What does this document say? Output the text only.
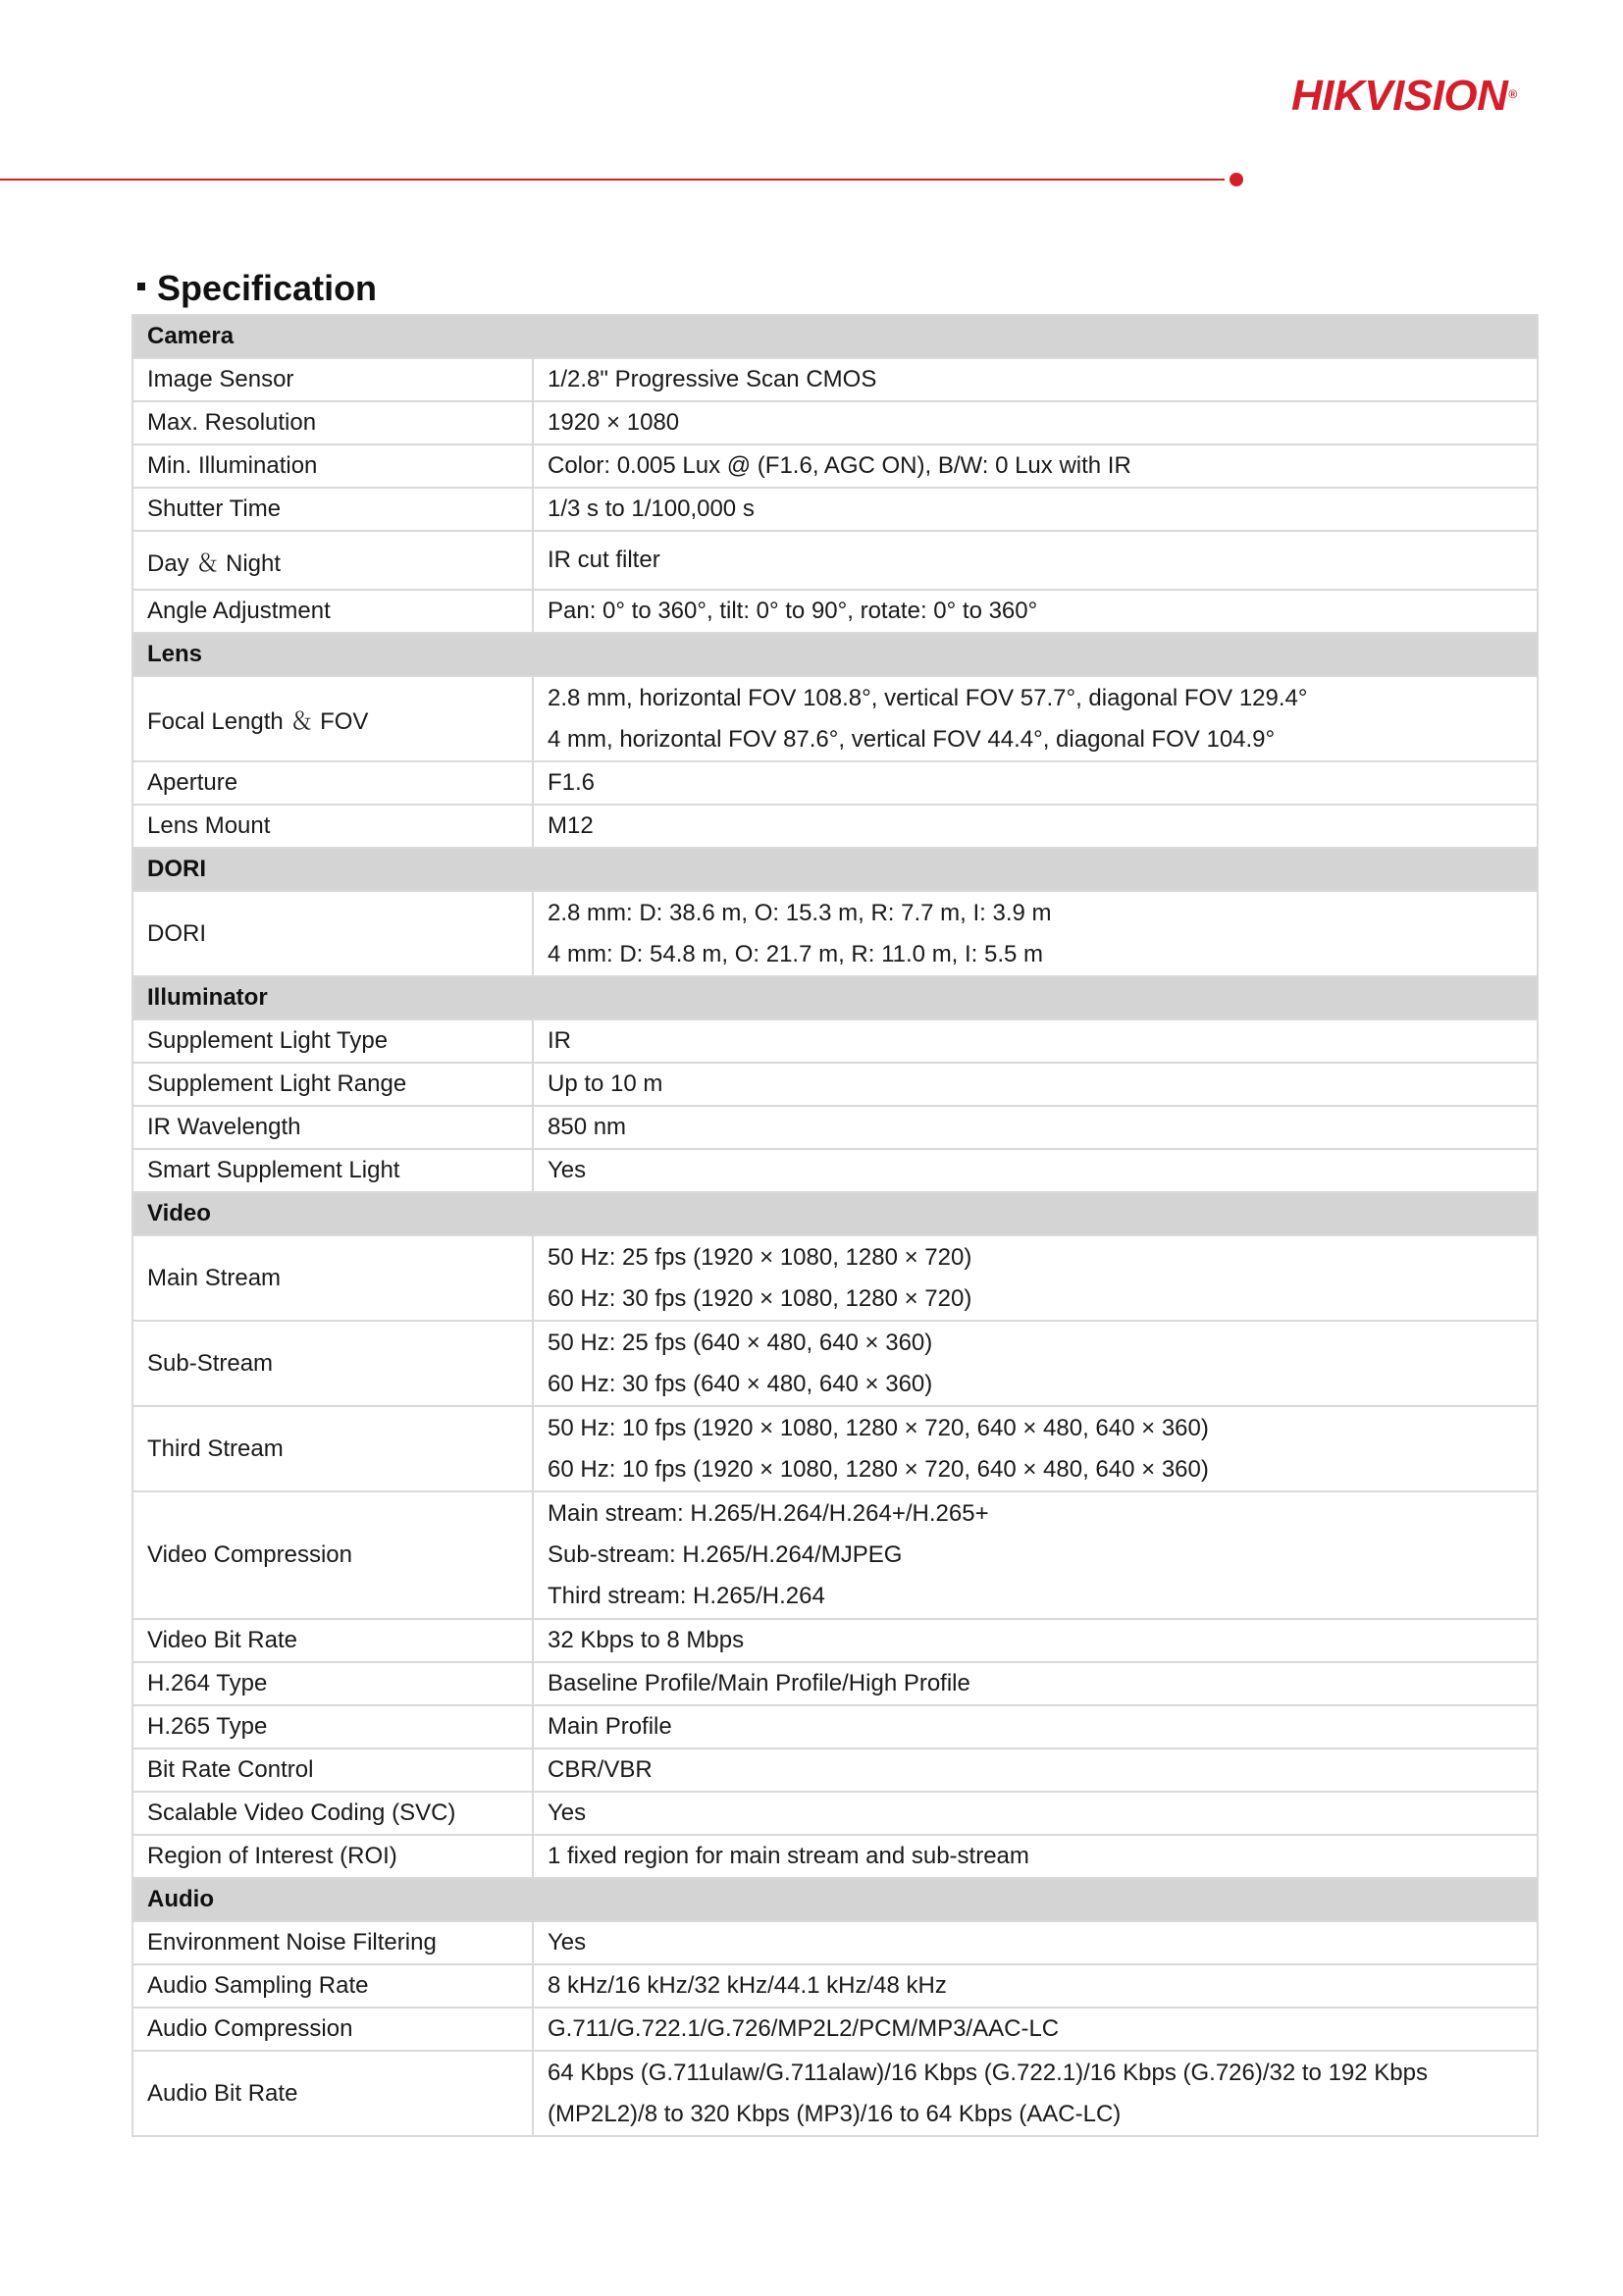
HIKVISION®
Specification
Camera	
Image Sensor	1/2.8" Progressive Scan CMOS

Max. Resolution	1920 × 1080

Min. Illumination	Color: 0.005 Lux @ (F1.6, AGC ON), B/W: 0 Lux with IR

Shutter Time	1/3 s to 1/100,000 s

Day ＆ Night	IR cut filter

Angle Adjustment	Pan: 0° to 360°, tilt: 0° to 90°, rotate: 0° to 360°

Lens	
Focal Length ＆ FOV	2.8 mm, horizontal FOV 108.8°, vertical FOV 57.7°, diagonal FOV 129.4°
4 mm, horizontal FOV 87.6°, vertical FOV 44.4°, diagonal FOV 104.9°

Aperture	F1.6

Lens Mount	M12

DORI	
DORI	2.8 mm: D: 38.6 m, O: 15.3 m, R: 7.7 m, I: 3.9 m
4 mm: D: 54.8 m, O: 21.7 m, R: 11.0 m, I: 5.5 m

Illuminator	
Supplement Light Type	IR

Supplement Light Range	Up to 10 m

IR Wavelength	850 nm

Smart Supplement Light	Yes

Video	
Main Stream	50 Hz: 25 fps (1920 × 1080, 1280 × 720)
60 Hz: 30 fps (1920 × 1080, 1280 × 720)

Sub-Stream	50 Hz: 25 fps (640 × 480, 640 × 360)
60 Hz: 30 fps (640 × 480, 640 × 360)

Third Stream	50 Hz: 10 fps (1920 × 1080, 1280 × 720, 640 × 480, 640 × 360)
60 Hz: 10 fps (1920 × 1080, 1280 × 720, 640 × 480, 640 × 360)

Video Compression	Main stream: H.265/H.264/H.264+/H.265+
Sub-stream: H.265/H.264/MJPEG
Third stream: H.265/H.264

Video Bit Rate	32 Kbps to 8 Mbps

H.264 Type	Baseline Profile/Main Profile/High Profile

H.265 Type	Main Profile

Bit Rate Control	CBR/VBR

Scalable Video Coding (SVC)	Yes

Region of Interest (ROI)	1 fixed region for main stream and sub-stream

Audio	
Environment Noise Filtering	Yes

Audio Sampling Rate	8 kHz/16 kHz/32 kHz/44.1 kHz/48 kHz

Audio Compression	G.711/G.722.1/G.726/MP2L2/PCM/MP3/AAC-LC

Audio Bit Rate	64 Kbps (G.711ulaw/G.711alaw)/16 Kbps (G.722.1)/16 Kbps (G.726)/32 to 192 Kbps
(MP2L2)/8 to 320 Kbps (MP3)/16 to 64 Kbps (AAC-LC)
